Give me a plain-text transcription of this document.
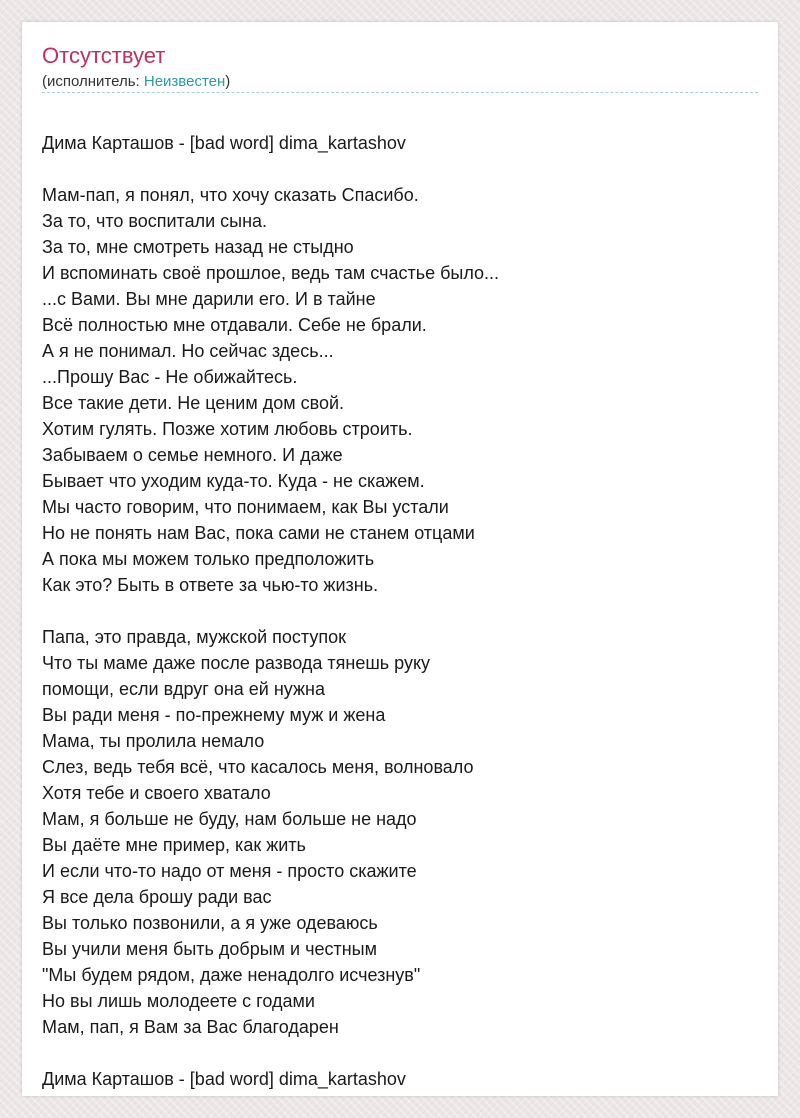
Отсутствует
(исполнитель: Неизвестен)
Дима Карташов - [bad word] dima_kartashov
Мам-пап, я понял, что хочу сказать Спасибо.
За то, что воспитали сына.
За то, мне смотреть назад не стыдно
И вспоминать своё прошлое, ведь там счастье было...
...с Вами. Вы мне дарили его. И в тайне
Всё полностью мне отдавали. Себе не брали.
А я не понимал. Но сейчас здесь...
...Прошу Вас - Не обижайтесь.
Все такие дети. Не ценим дом свой.
Хотим гулять. Позже хотим любовь строить.
Забываем о семье немного. И даже
Бывает что уходим куда-то. Куда - не скажем.
Мы часто говорим, что понимаем, как Вы устали
Но не понять нам Вас, пока сами не станем отцами
А пока мы можем только предположить
Как это? Быть в ответе за чью-то жизнь.
Папа, это правда, мужской поступок
Что ты маме даже после развода тянешь руку
помощи, если вдруг она ей нужна
Вы ради меня - по-прежнему муж и жена
Мама, ты пролила немало
Слез, ведь тебя всё, что касалось меня, волновало
Хотя тебе и своего хватало
Мам, я больше не буду, нам больше не надо
Вы даёте мне пример, как жить
И если что-то надо от меня - просто скажите
Я все дела брошу ради вас
Вы только позвонили, а я уже одеваюсь
Вы учили меня быть добрым и честным
"Мы будем рядом, даже ненадолго исчезнув"
Но вы лишь молодеете с годами
Мам, пап, я Вам за Вас благодарен
Дима Карташов - [bad word] dima_kartashov
